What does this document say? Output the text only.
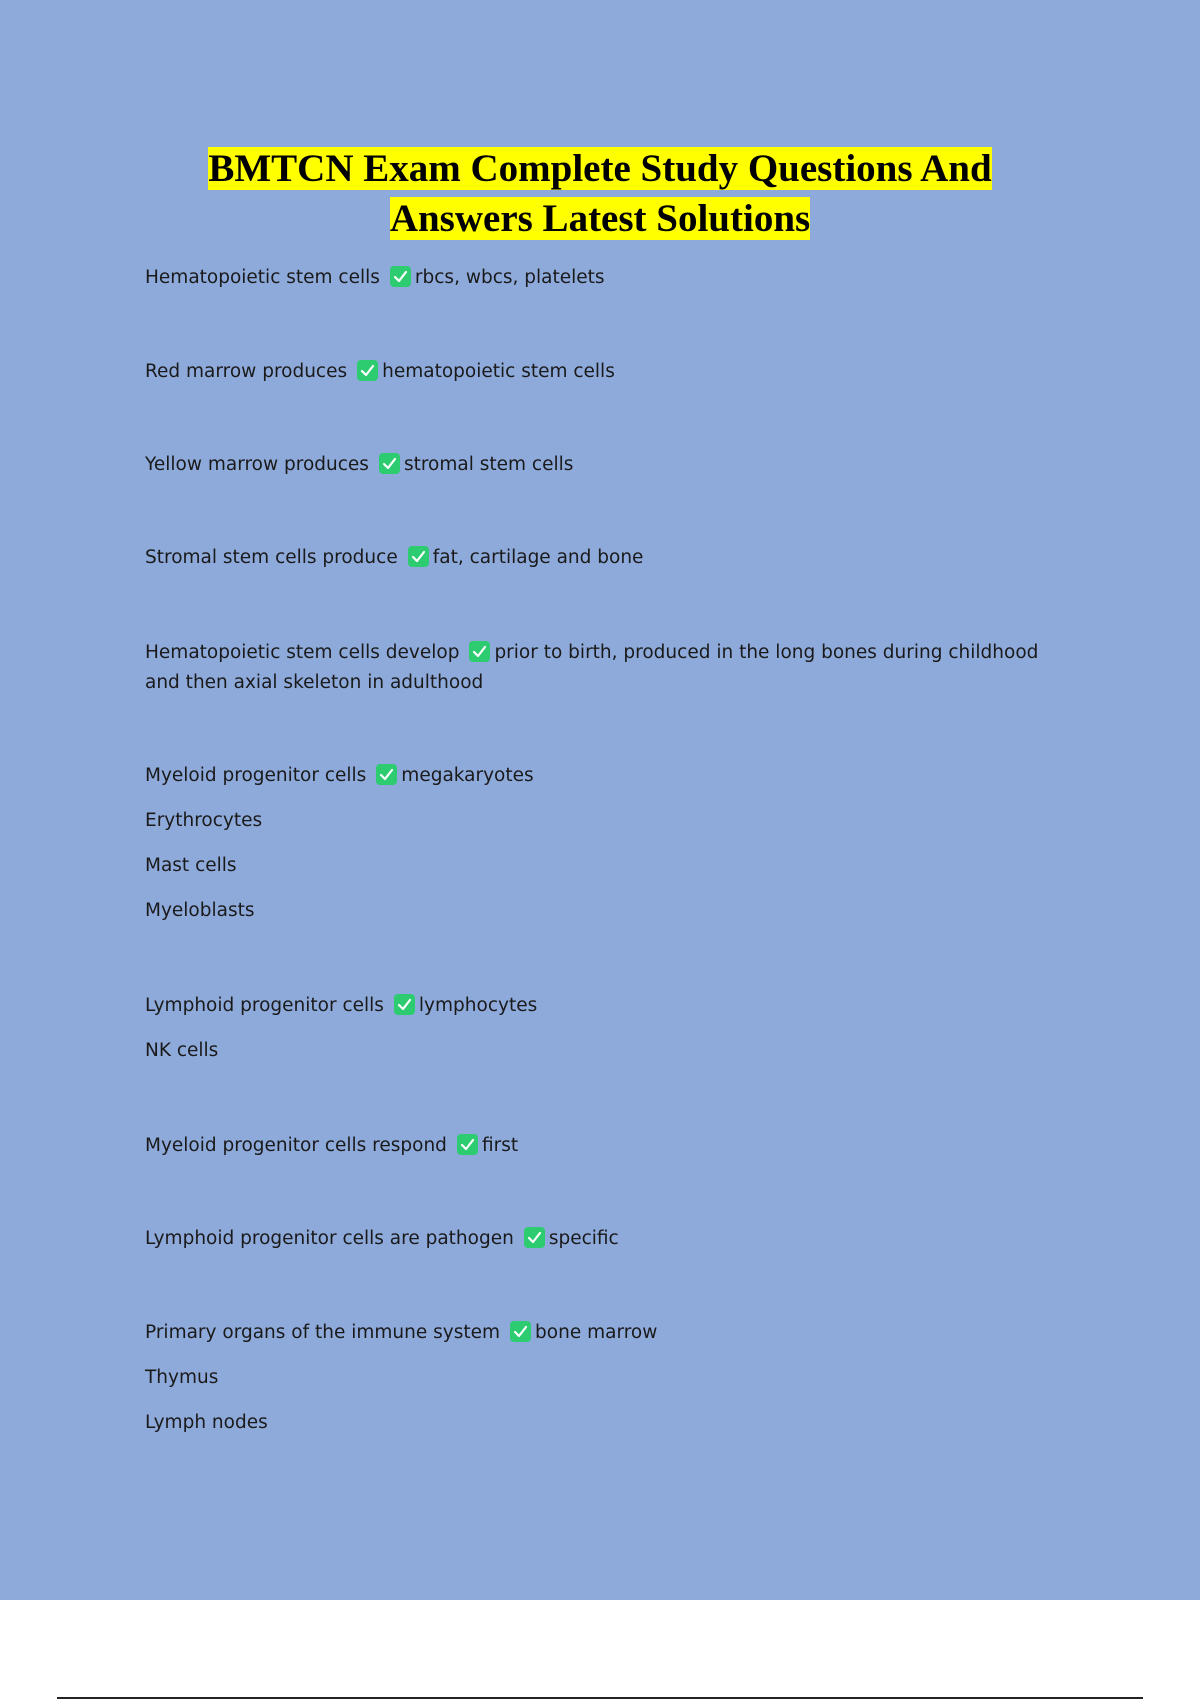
BMTCN Exam Complete Study Questions And
Answers Latest Solutions
Hematopoietic stem cells rbcs, wbcs, platelets
Red marrow produces hematopoietic stem cells
Yellow marrow produces stromal stem cells
Stromal stem cells produce fat, cartilage and bone
Hematopoietic stem cells develop prior to birth, produced in the long bones during childhood and then axial skeleton in adulthood
Myeloid progenitor cells megakaryotes
Erythrocytes
Mast cells
Myeloblasts
Lymphoid progenitor cells lymphocytes
NK cells
Myeloid progenitor cells respond first
Lymphoid progenitor cells are pathogen specific
Primary organs of the immune system bone marrow
Thymus
Lymph nodes
